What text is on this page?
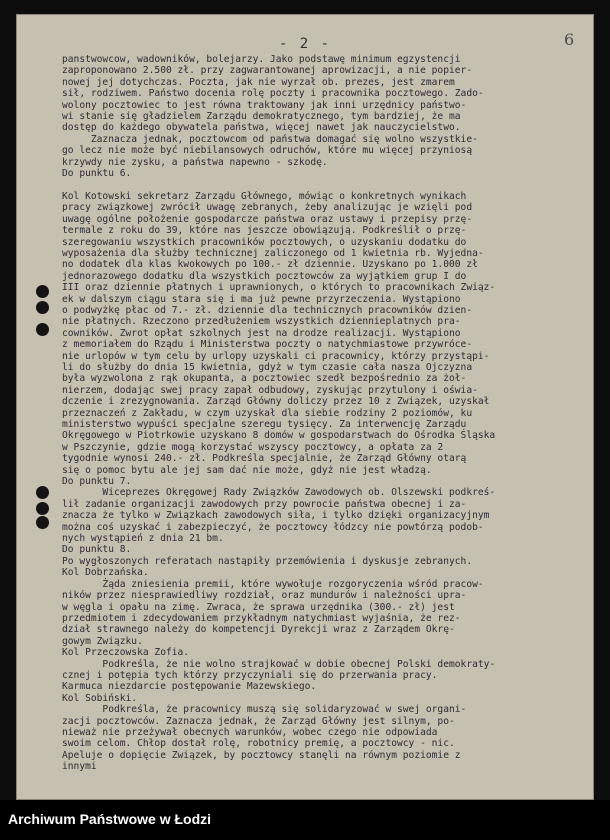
- 2 -	6
panstwowcow, wadowników, bolejarzy. Jako podstawę minimum egzystencji
zaproponowano 2.500 zł. przy zagwarantowanej aprowizacji, a nie popier-
nowej jej dotychczas. Poczta, jak nie wyrzał ob. prezes, jest zmarem
sił, rodziwem. Państwo docenia rolę poczty i pracownika pocztowego. Zado-
wolony pocztowiec to jest równa traktowany jak inni urzędnicy państwo-
wi stanie się gładzielem Zarządu demokratycznego, tym bardziej, że ma
dostęp do każdego obywatela państwa, więcej nawet jak nauczycielstwo.
Zaznacza jednak, pocztowcom od państwa domagać się wolno wszystkie-
go lecz nie może być niebilansowych odruchów, które mu więcej przyniosą
krzywdy nie zysku, a państwa napewno - szkodę.
Do punktu 6.

Kol Kotowski sekretarz Zarządu Głównego, mówiąc o konkretnych wynikach
pracy związkowej zwrócił uwagę zebranych, żeby analizując je wzięli pod
uwagę ogólne położenie gospodarcze państwa oraz ustawy i przepisy przę-
termale z roku do 39, które nas jeszcze obowiązują. Podkreślił o przę-
szeregowaniu wszystkich pracowników pocztowych, o uzyskaniu dodatku do
wyposażenia dla służby technicznej zaliczonego od 1 kwietnia rb. Wyjedna-
no dodatek dla klas kwokowych po 100.- zł dziennie. Uzyskano po 1.000 zł
jednorazowego dodatku dla wszystkich pocztowców za wyjątkiem grup I do
III oraz dziennie płatnych i uprawnionych, o których to pracownikach Związ-
ek w dalszym ciągu stara się i ma już pewne przyrzeczenia. Wystąpiono
o podwyżkę płac od 7.- zł. dziennie dla technicznych pracowników dzien-
nie płatnych. Rzeczono przedłużeniem wszystkich dziennieplatnych pra-
cowników. Zwrot opłat szkolnych jest na drodze realizacji. Wystąpiono
z memoriałem do Rządu i Ministerstwa poczty o natychmiastowe przywróce-
nie urlopów w tym celu by urlopy uzyskali ci pracownicy, którzy przystąpi-
li do służby do dnia 15 kwietnia, gdyż w tym czasie cała nasza Ojczyzna
była wyzwolona z rąk okupanta, a pocztowiec szedł bezpośrednio za żoł-
nierzem, dodając swej pracy zapał odbudowy, zyskując przytulony i oświa-
dczenie i zrezygnowania. Zarząd Główny doliczy przez 10 z Związek, uzyskał
przeznaczeń z Zakładu, w czym uzyskał dla siebie rodziny 2 poziomów, ku
ministerstwo wypuści specjalne szeregu tysięcy. Za interwencję Zarządu
Okręgowego w Piotrkowie uzyskano 8 domów w gospodarstwach do Ośrodka Śląska
w Pszczynie, gdzie mogą korzystać wszyscy pocztowcy, a opłata za 2
tygodnie wynosi 240.- zł. Podkreśla specjalnie, że Zarząd Główny otarą
się o pomoc bytu ale jej sam dać nie może, gdyż nie jest władzą.
Do punktu 7.
Wiceprezes Okręgowej Rady Związków Zawodowych ob. Olszewski podkreś-
lił zadanie organizacji zawodowych przy powrocie państwa obecnej i za-
znacza że tylko w Związkach zawodowych siła, i tylko dzięki organizacyjnym
można coś uzyskać i zabezpieczyć, że pocztowcy łódzcy nie powtórzą podob-
nych wystąpień z dnia 21 bm.
Do punktu 8.
Po wygłoszonych referatach nastąpiły przemówienia i dyskusje zebranych.
Kol Dobrzańska.
Żąda zniesienia premii, które wywołuje rozgoryczenia wśród pracow-
ników przez niesprawiedliwy rozdział, oraz mundurów i należności upra-
w węgla i opału na zimę. Zwraca, że sprawa urzędnika (300.- zł) jest
przedmiotem i zdecydowaniem przykładnym natychmiast wyjaśnia, że rez-
dział strawnego należy do kompetencji Dyrekcji wraz z Zarządem Okrę-
gowym Związku.
Kol Przeczowska Zofia.
Podkreśla, że nie wolno strajkować w dobie obecnej Polski demokraty-
cznej i potępia tych którzy przyczyniali się do przerwania pracy.
Karmuca niezdarcie postępowanie Mazewskiego.
Kol Sobiński.
Podkreśla, że pracownicy muszą się solidaryzować w swej organi-
zacji pocztowców. Zaznacza jednak, że Zarząd Główny jest silnym, po-
nieważ nie przeżywał obecnych warunków, wobec czego nie odpowiada
swoim celom. Chłop dostał rolę, robotnicy premię, a pocztowcy - nic.
Apeluje o dopięcie Związek, by pocztowcy stanęli na równym poziomie z
innymi
Archiwum Państwowe w Łodzi
